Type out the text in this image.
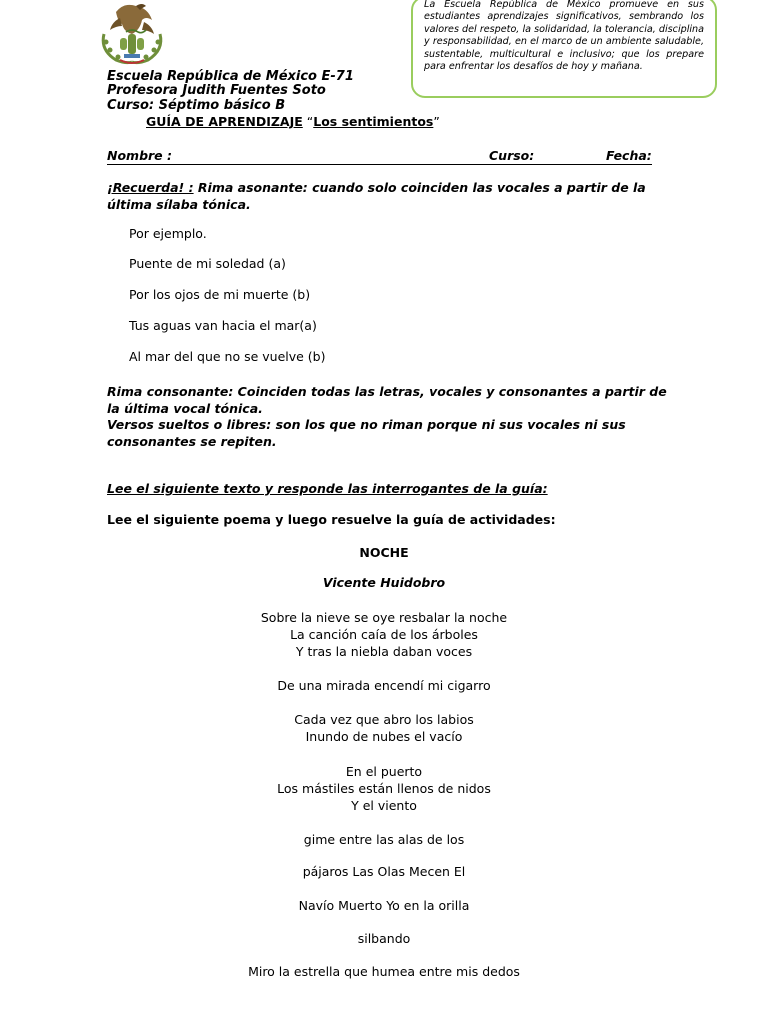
La Escuela República de México promueve en sus estudiantes aprendizajes significativos, sembrando los valores del respeto, la solidaridad, la tolerancia, disciplina y responsabilidad, en el marco de un ambiente saludable, sustentable, multicultural e inclusivo; que los prepare para enfrentar los desafíos de hoy y mañana.
Escuela República de México E-71
Profesora Judith Fuentes Soto
Curso: Séptimo básico B
GUÍA DE APRENDIZAJE “Los sentimientos”
Nombre :	Curso:	Fecha:
¡Recuerda! : Rima asonante: cuando solo coinciden las vocales a partir de la última sílaba tónica.
Por ejemplo.
Puente de mi soledad (a)
Por los ojos de mi muerte (b)
Tus aguas van hacia el mar(a)
Al mar del que no se vuelve (b)
Rima consonante: Coinciden todas las letras, vocales y consonantes a partir de la última vocal tónica.
Versos sueltos o libres: son los que no riman porque ni sus vocales ni sus consonantes se repiten.
Lee el siguiente texto y responde las interrogantes de la guía:
Lee el siguiente poema y luego resuelve la guía de actividades:
NOCHE
Vicente Huidobro
Sobre la nieve se oye resbalar la noche
La canción caía de los árboles
Y tras la niebla daban voces
De una mirada encendí mi cigarro
Cada vez que abro los labios
Inundo de nubes el vacío
En el puerto
Los mástiles están llenos de nidos
Y el viento
gime entre las alas de los
pájaros Las Olas Mecen El
Navío Muerto Yo en la orilla
silbando
Miro la estrella que humea entre mis dedos
